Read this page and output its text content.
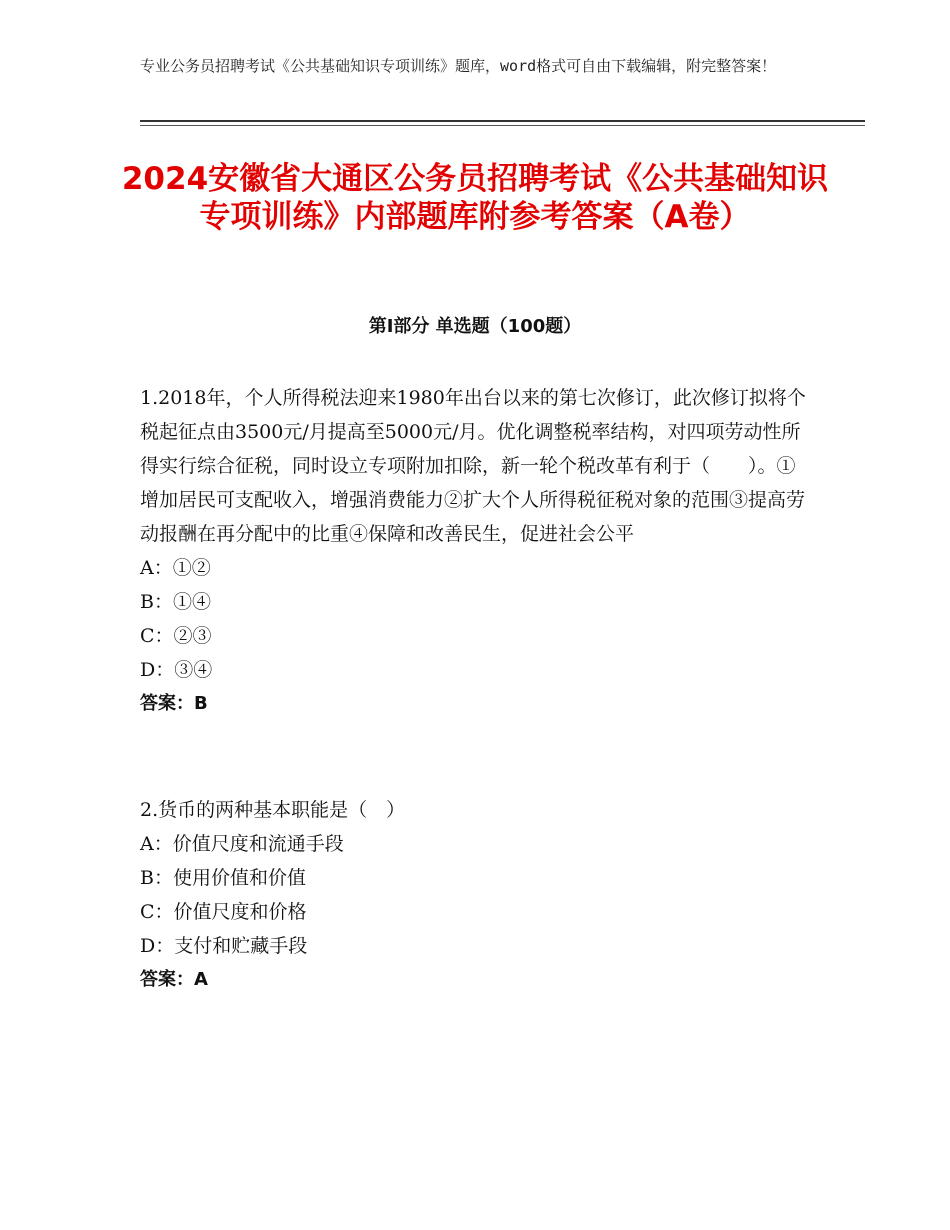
专业公务员招聘考试《公共基础知识专项训练》题库，word格式可自由下载编辑，附完整答案！
2024安徽省大通区公务员招聘考试《公共基础知识专项训练》内部题库附参考答案（A卷）
第Ⅰ部分 单选题（100题）

1.2018年，个人所得税法迎来1980年出台以来的第七次修订，此次修订拟将个税起征点由3500元/月提高至5000元/月。优化调整税率结构，对四项劳动性所得实行综合征税，同时设立专项附加扣除，新一轮个税改革有利于（　　）。①增加居民可支配收入，增强消费能力②扩大个人所得税征税对象的范围③提高劳动报酬在再分配中的比重④保障和改善民生，促进社会公平

A：①②

B：①④

C：②③

D：③④

答案：B

2.货币的两种基本职能是（　）

A：价值尺度和流通手段

B：使用价值和价值

C：价值尺度和价格

D：支付和贮藏手段

答案：A
